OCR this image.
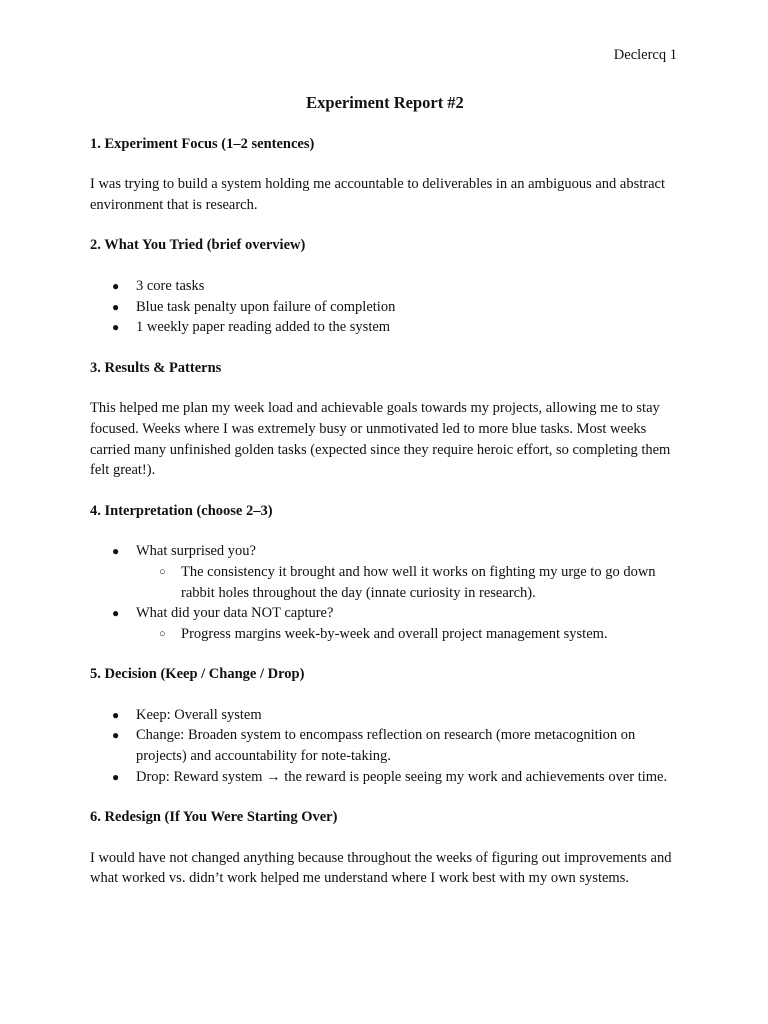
Declercq 1
Experiment Report #2
1. Experiment Focus (1–2 sentences)
I was trying to build a system holding me accountable to deliverables in an ambiguous and abstract environment that is research.
2. What You Tried (brief overview)
● 3 core tasks
● Blue task penalty upon failure of completion
● 1 weekly paper reading added to the system
3. Results & Patterns
This helped me plan my week load and achievable goals towards my projects, allowing me to stay focused. Weeks where I was extremely busy or unmotivated led to more blue tasks. Most weeks carried many unfinished golden tasks (expected since they require heroic effort, so completing them felt great!).
4. Interpretation (choose 2–3)
● What surprised you?
○ The consistency it brought and how well it works on fighting my urge to go down rabbit holes throughout the day (innate curiosity in research).
● What did your data NOT capture?
○ Progress margins week-by-week and overall project management system.
5. Decision (Keep / Change / Drop)
● Keep: Overall system
● Change: Broaden system to encompass reflection on research (more metacognition on projects) and accountability for note-taking.
● Drop: Reward system → the reward is people seeing my work and achievements over time.
6. Redesign (If You Were Starting Over)
I would have not changed anything because throughout the weeks of figuring out improvements and what worked vs. didn’t work helped me understand where I work best with my own systems.
